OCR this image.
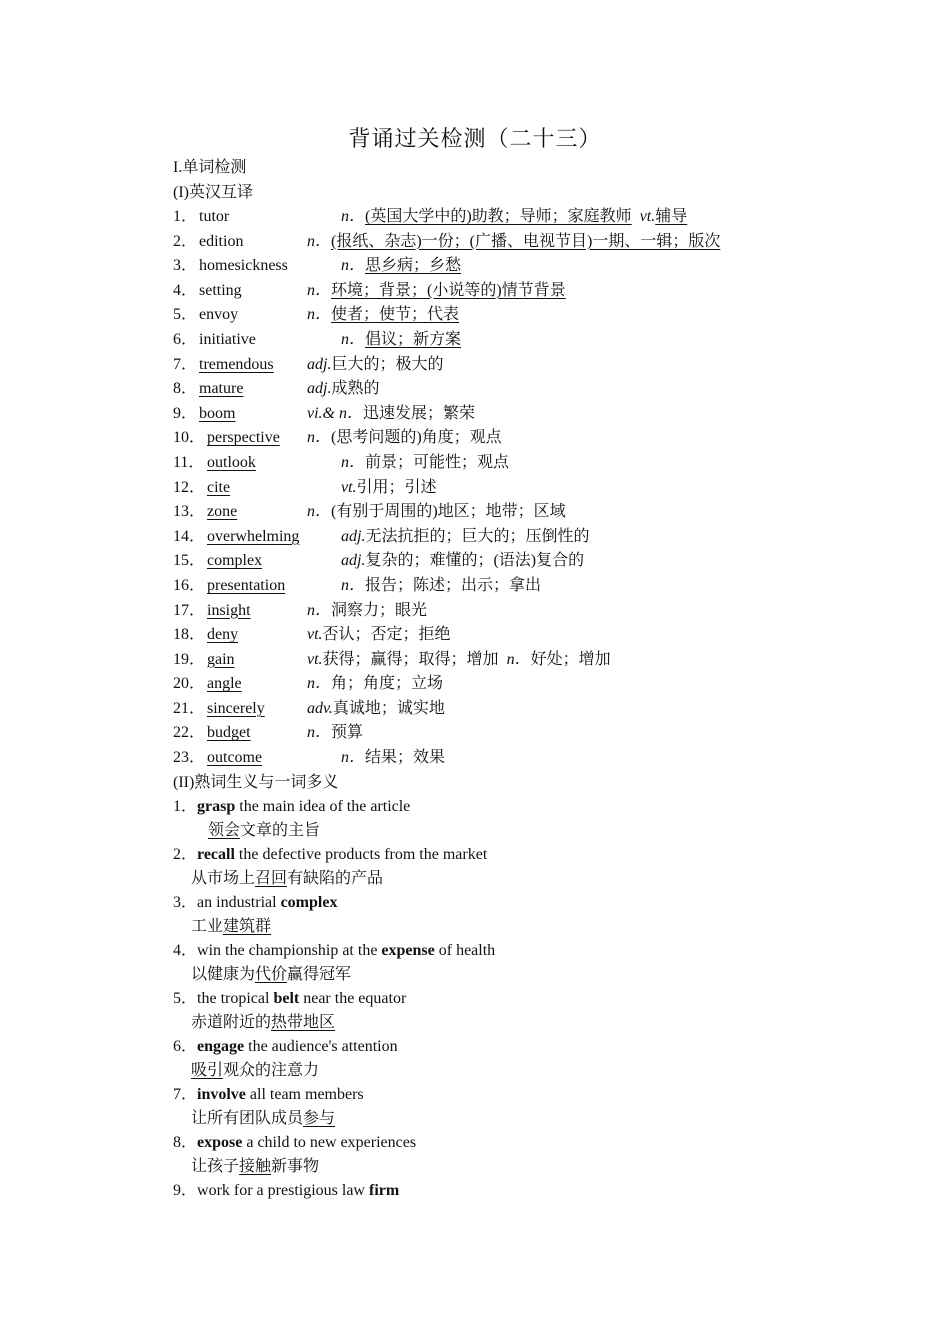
背诵过关检测（二十三）
I.单词检测
(I)英汉互译
1． tutor	n．(英国大学中的)助教；导师；家庭教师  vt.辅导
2． edition	n．(报纸、杂志)一份；(广播、电视节目)一期、一辑；版次
3． homesickness	n．思乡病；乡愁
4． setting	n．环境；背景；(小说等的)情节背景
5． envoy	n．使者；使节；代表
6． initiative	n．倡议；新方案
7． tremendous adj.巨大的；极大的
8． mature	adj.成熟的
9． boom	vi.& n．迅速发展；繁荣
10． perspective n．(思考问题的)角度；观点
11． outlook	n．前景；可能性；观点
12． cite	vt.引用；引述
13． zone	n．(有别于周围的)地区；地带；区域
14． overwhelming	adj.无法抗拒的；巨大的；压倒性的
15． complex	adj.复杂的；难懂的；(语法)复合的
16． presentation	n．报告；陈述；出示；拿出
17． insight	n．洞察力；眼光
18． deny	vt.否认；否定；拒绝
19． gain	vt.获得；赢得；取得；增加  n．好处；增加
20． angle	n．角；角度；立场
21． sincerely	adv.真诚地；诚实地
22． budget	n．预算
23． outcome	n．结果；效果
(II)熟词生义与一词多义
1．grasp the main idea of the article
领会文章的主旨
2．recall the defective products from the market
从市场上召回有缺陷的产品
3．an industrial complex
工业建筑群
4．win the championship at the expense of health
以健康为代价赢得冠军
5．the tropical belt near the equator
赤道附近的热带地区
6．engage the audience's attention
吸引观众的注意力
7．involve all team members
让所有团队成员参与
8．expose a child to new experiences
让孩子接触新事物
9．work for a prestigious law firm
